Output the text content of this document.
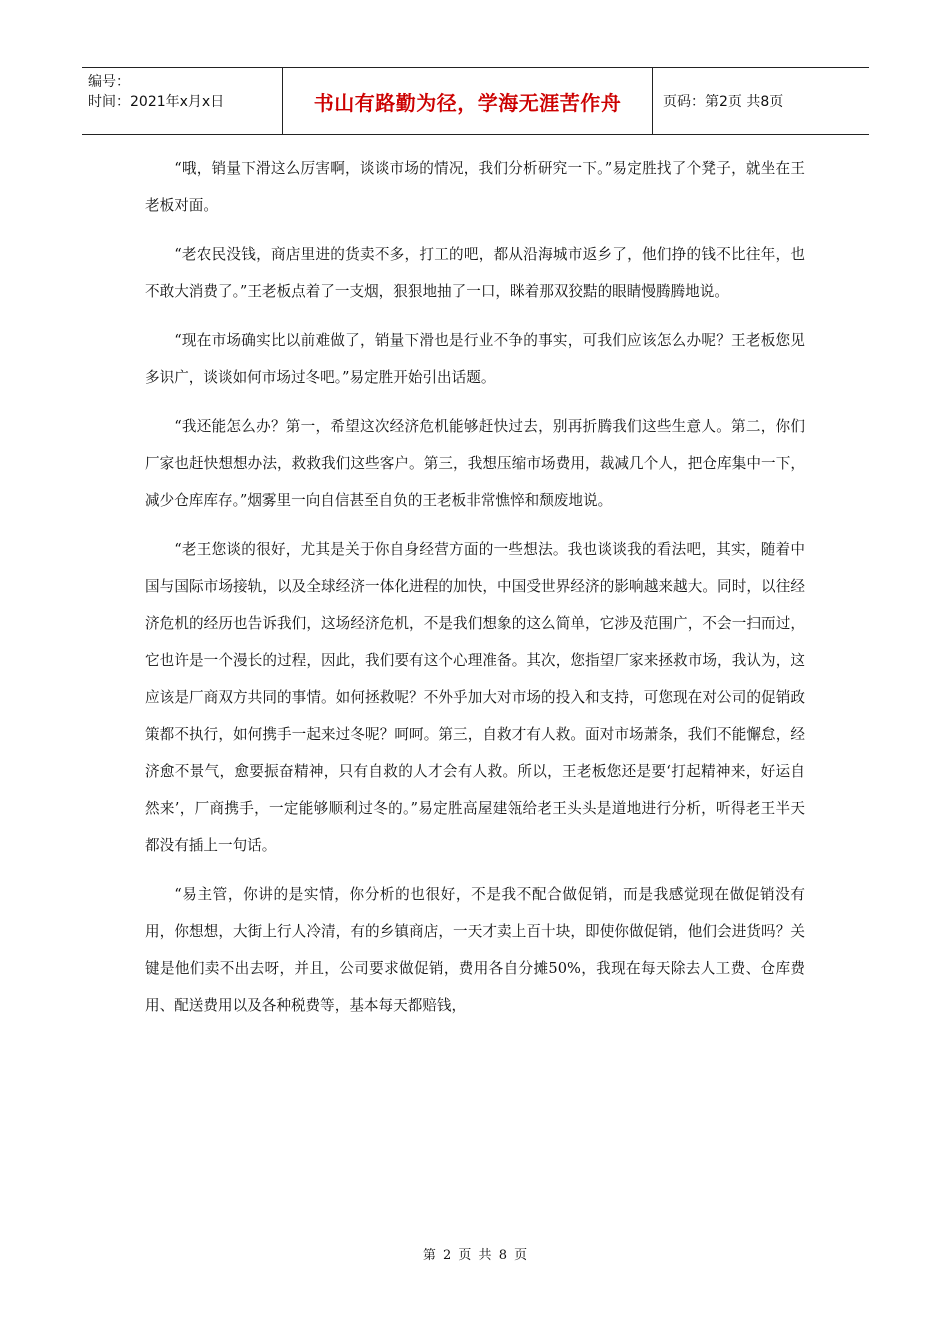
编号：
时间：2021年x月x日	书山有路勤为径，学海无涯苦作舟	页码：第2页 共8页

“哦，销量下滑这么厉害啊，谈谈市场的情况，我们分析研究一下。”易定胜找了个凳子，就坐在王老板对面。

“老农民没钱，商店里进的货卖不多，打工的吧，都从沿海城市返乡了，他们挣的钱不比往年，也不敢大消费了。”王老板点着了一支烟，狠狠地抽了一口，眯着那双狡黠的眼睛慢腾腾地说。

“现在市场确实比以前难做了，销量下滑也是行业不争的事实，可我们应该怎么办呢？王老板您见多识广，谈谈如何市场过冬吧。”易定胜开始引出话题。

“我还能怎么办？第一，希望这次经济危机能够赶快过去，别再折腾我们这些生意人。第二，你们厂家也赶快想想办法，救救我们这些客户。第三，我想压缩市场费用，裁减几个人，把仓库集中一下，减少仓库库存。”烟雾里一向自信甚至自负的王老板非常憔悴和颓废地说。

“老王您谈的很好，尤其是关于你自身经营方面的一些想法。我也谈谈我的看法吧，其实，随着中国与国际市场接轨，以及全球经济一体化进程的加快，中国受世界经济的影响越来越大。同时，以往经济危机的经历也告诉我们，这场经济危机，不是我们想象的这么简单，它涉及范围广，不会一扫而过，它也许是一个漫长的过程，因此，我们要有这个心理准备。其次，您指望厂家来拯救市场，我认为，这应该是厂商双方共同的事情。如何拯救呢？不外乎加大对市场的投入和支持，可您现在对公司的促销政策都不执行，如何携手一起来过冬呢？呵呵。第三，自救才有人救。面对市场萧条，我们不能懈怠，经济愈不景气，愈要振奋精神，只有自救的人才会有人救。所以，王老板您还是要‘打起精神来，好运自然来’，厂商携手，一定能够顺利过冬的。”易定胜高屋建瓴给老王头头是道地进行分析，听得老王半天都没有插上一句话。

“易主管，你讲的是实情，你分析的也很好，不是我不配合做促销，而是我感觉现在做促销没有用，你想想，大街上行人冷清，有的乡镇商店，一天才卖上百十块，即使你做促销，他们会进货吗？关键是他们卖不出去呀，并且，公司要求做促销，费用各自分摊50%，我现在每天除去人工费、仓库费用、配送费用以及各种税费等，基本每天都赔钱，

第 2 页 共 8 页
